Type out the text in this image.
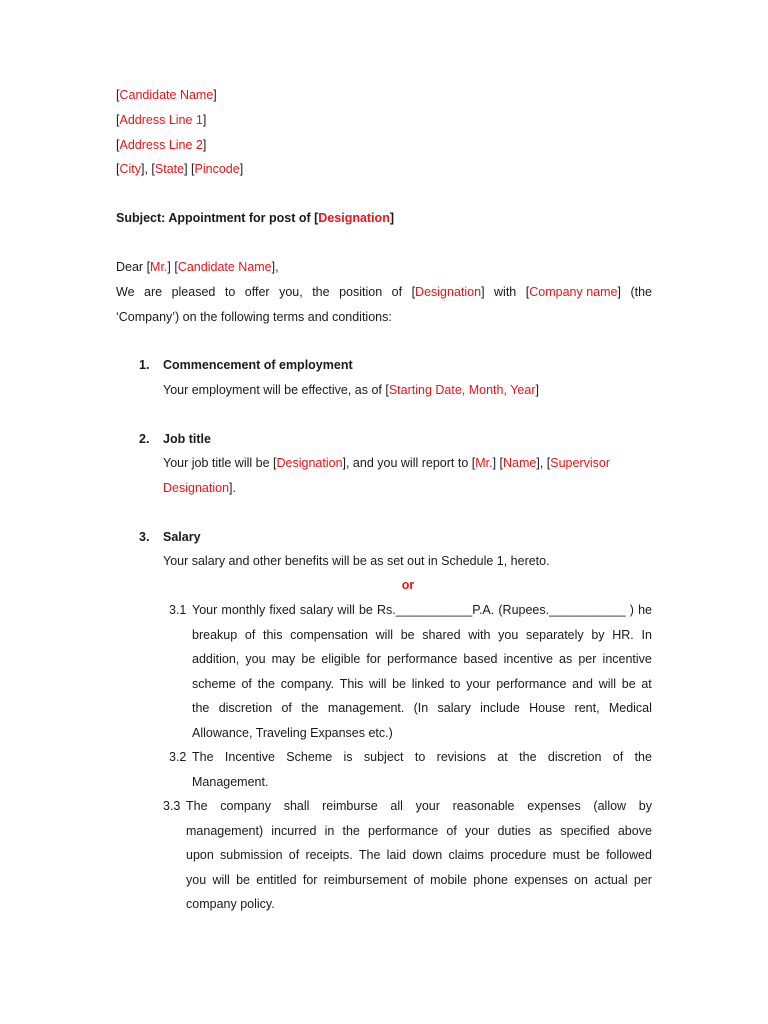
[Candidate Name]
[Address Line 1]
[Address Line 2]
[City], [State] [Pincode]
Subject: Appointment for post of [Designation]
Dear [Mr.] [Candidate Name],
We are pleased to offer you, the position of [Designation] with [Company name] (the
‘Company’) on the following terms and conditions:
1. Commencement of employment
Your employment will be effective, as of [Starting Date, Month, Year]
2. Job title
Your job title will be [Designation], and you will report to [Mr.] [Name], [Supervisor
Designation].
3. Salary
Your salary and other benefits will be as set out in Schedule 1, hereto.
or
3.1 Your monthly fixed salary will be Rs.___________P.A. (Rupees.___________ ) he
breakup of this compensation will be shared with you separately by HR. In
addition, you may be eligible for performance based incentive as per incentive
scheme of the company. This will be linked to your performance and will be at
the discretion of the management. (In salary include House rent, Medical
Allowance, Traveling Expanses etc.)
3.2 The Incentive Scheme is subject to revisions at the discretion of the
Management.
3.3 The company shall reimburse all your reasonable expenses (allow by
management) incurred in the performance of your duties as specified above
upon submission of receipts. The laid down claims procedure must be followed
you will be entitled for reimbursement of mobile phone expenses on actual per
company policy.
